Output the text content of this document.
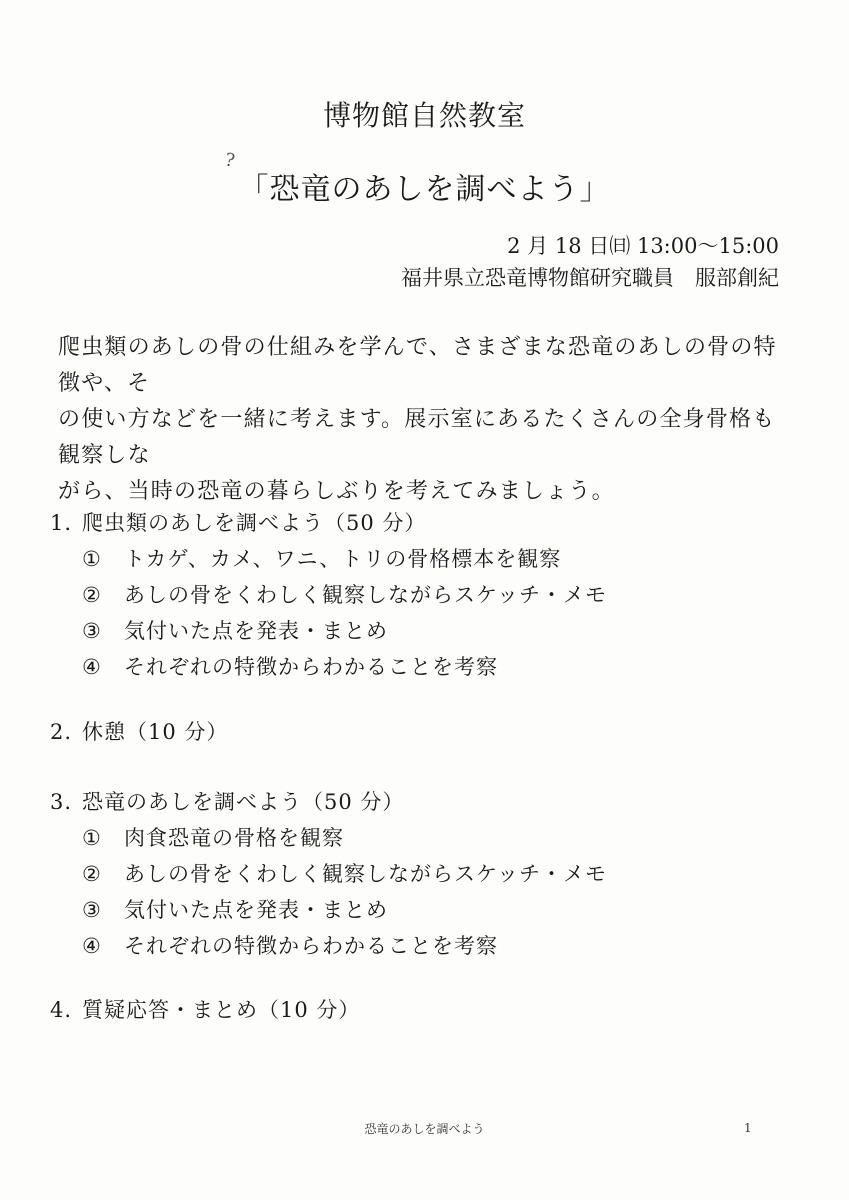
博物館自然教室
?
「恐竜のあしを調べよう」
2 月 18 日㈰ 13:00〜15:00
福井県立恐竜博物館研究職員　服部創紀

爬虫類のあしの骨の仕組みを学んで、さまざまな恐竜のあしの骨の特徴や、そ

の使い方などを一緒に考えます。展示室にあるたくさんの全身骨格も観察しな

がら、当時の恐竜の暮らしぶりを考えてみましょう。

1. 爬虫類のあしを調べよう（50 分）
① トカゲ、カメ、ワニ、トリの骨格標本を観察
② あしの骨をくわしく観察しながらスケッチ・メモ
③ 気付いた点を発表・まとめ
④ それぞれの特徴からわかることを考察
2. 休憩（10 分）
3. 恐竜のあしを調べよう（50 分）
① 肉食恐竜の骨格を観察
② あしの骨をくわしく観察しながらスケッチ・メモ
③ 気付いた点を発表・まとめ
④ それぞれの特徴からわかることを考察
4. 質疑応答・まとめ（10 分）
恐竜のあしを調べよう	1
